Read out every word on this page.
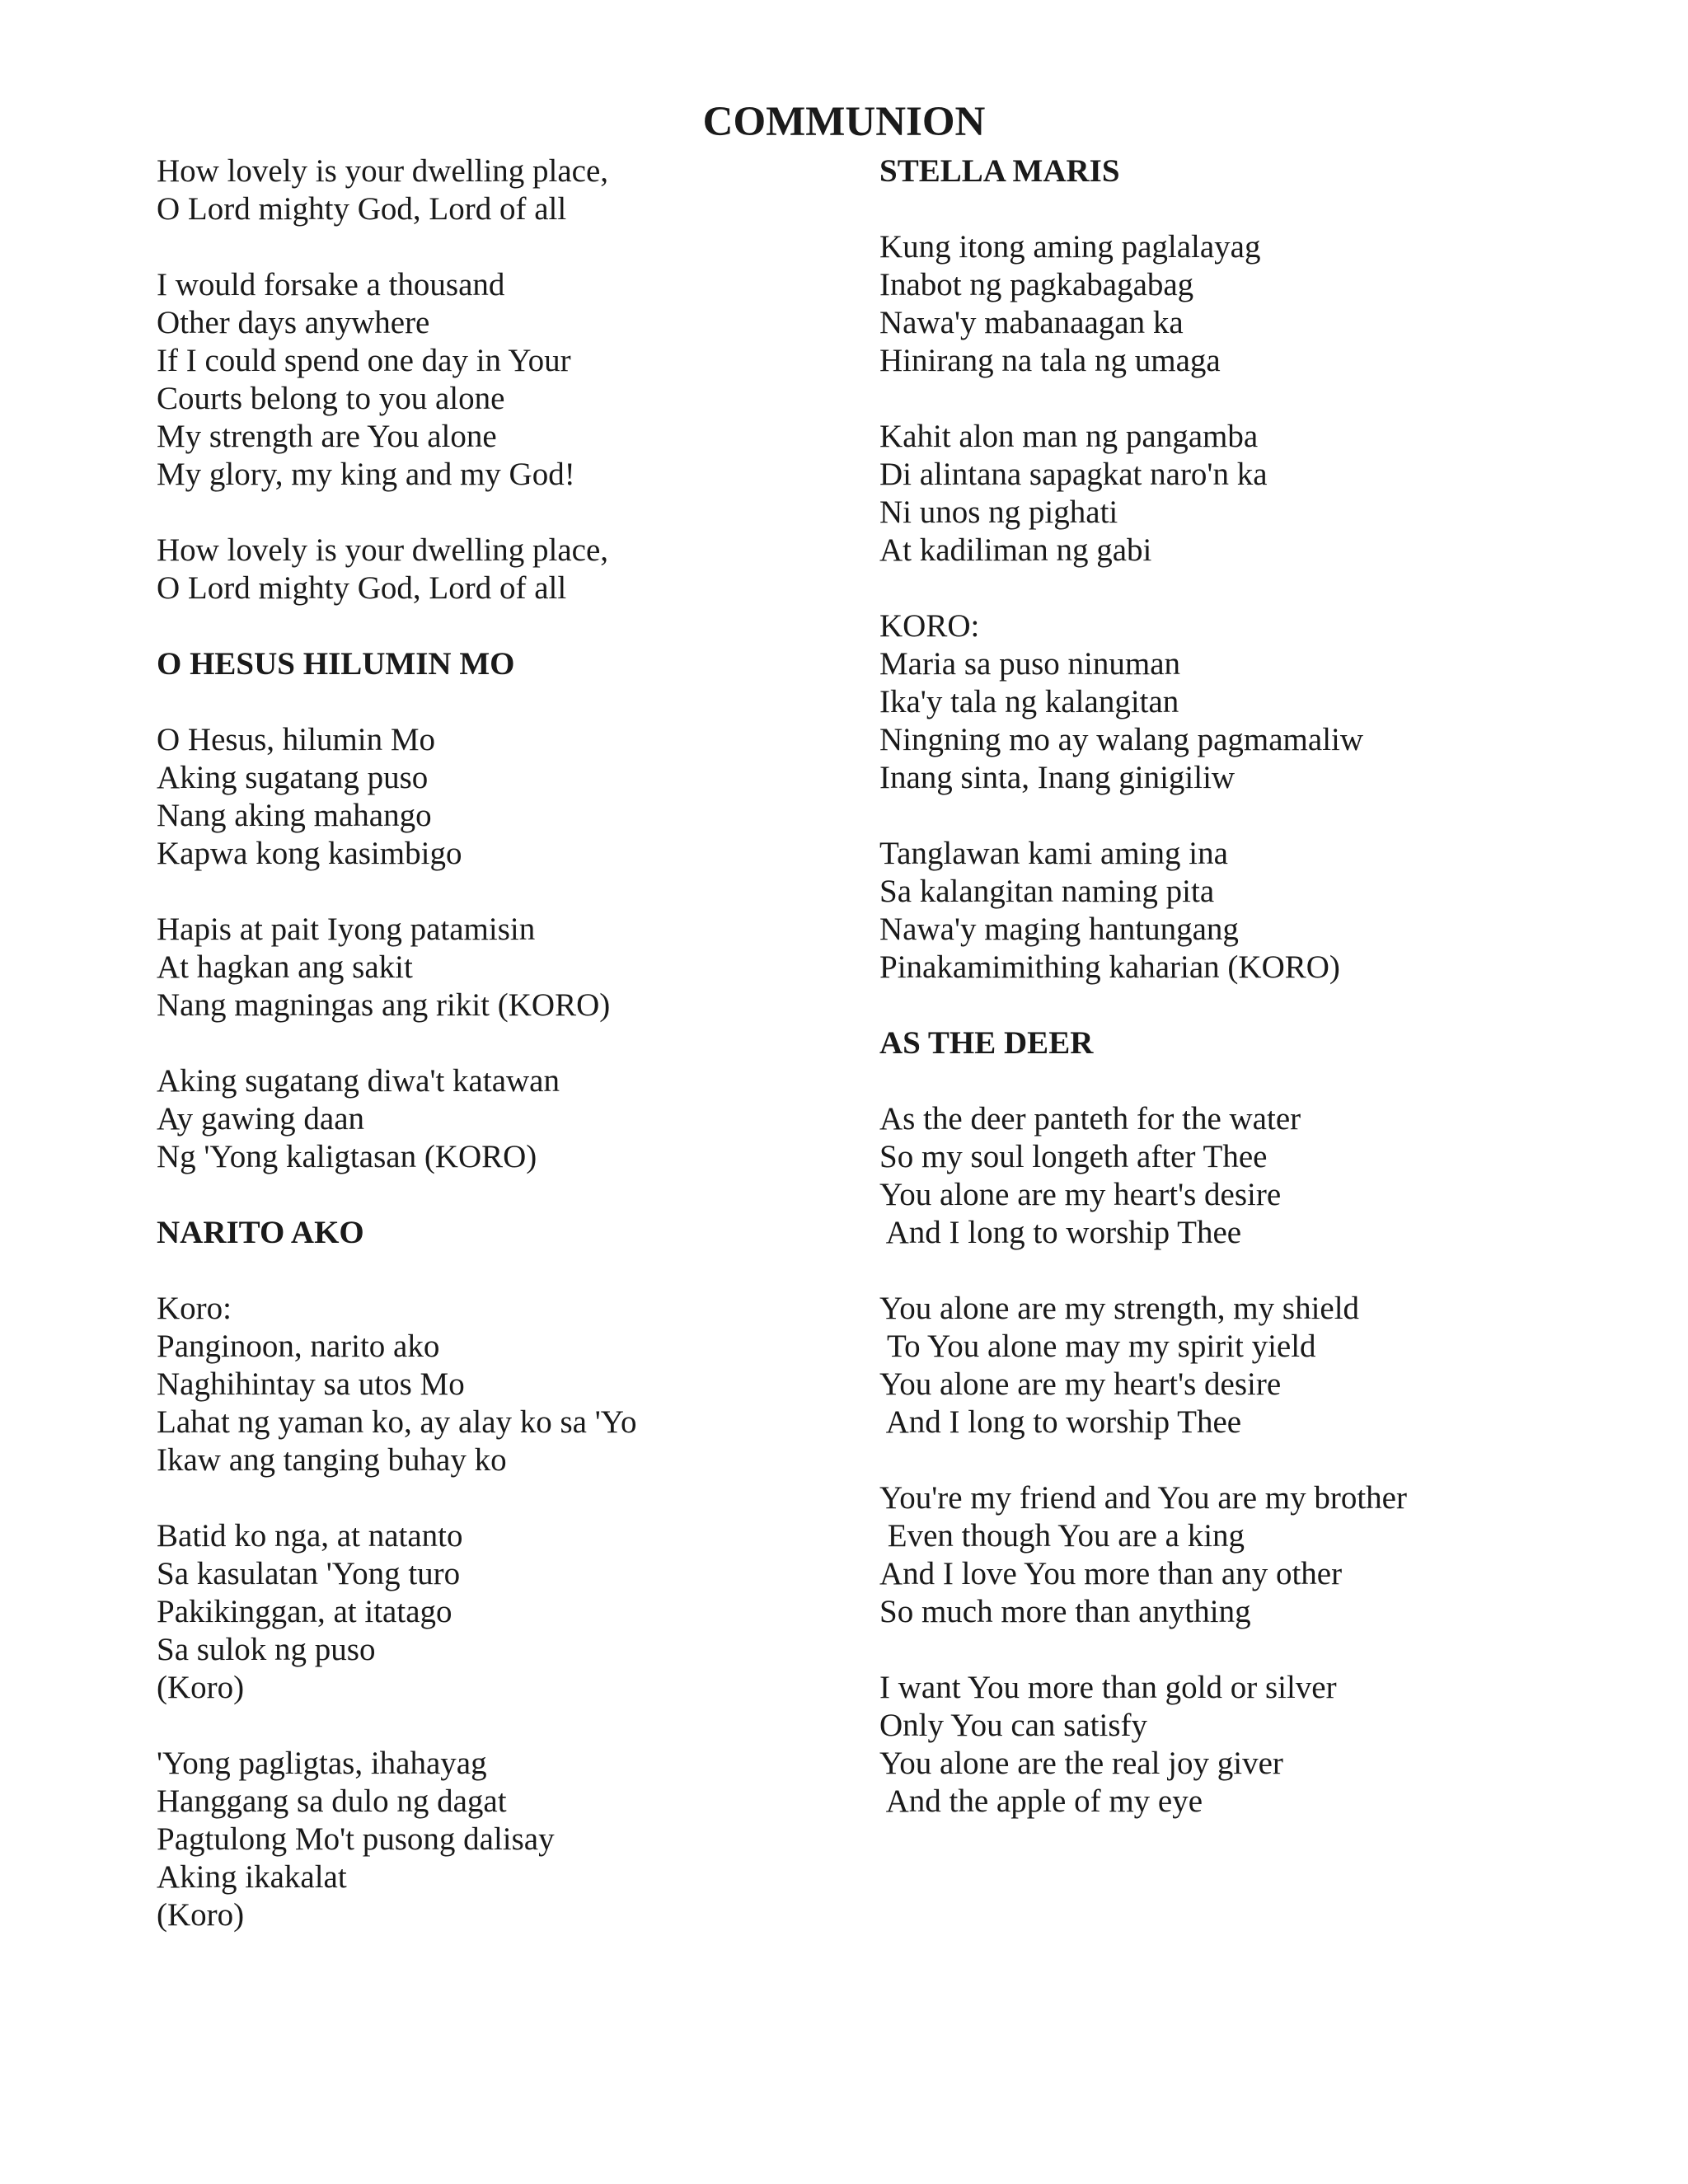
COMMUNION
How lovely is your dwelling place,
O Lord mighty God, Lord of all
I would forsake a thousand
Other days anywhere
If I could spend one day in Your
Courts belong to you alone
My strength are You alone
My glory, my king and my God!
How lovely is your dwelling place,
O Lord mighty God, Lord of all
O HESUS HILUMIN MO
O Hesus, hilumin Mo
Aking sugatang puso
Nang aking mahango
Kapwa kong kasimbigo
Hapis at pait Iyong patamisin
At hagkan ang sakit
Nang magningas ang rikit (KORO)
Aking sugatang diwa't katawan
Ay gawing daan
Ng 'Yong kaligtasan (KORO)
NARITO AKO
Koro:
Panginoon, narito ako
Naghihintay sa utos Mo
Lahat ng yaman ko, ay alay ko sa 'Yo
Ikaw ang tanging buhay ko
Batid ko nga, at natanto
Sa kasulatan 'Yong turo
Pakikinggan, at itatago
Sa sulok ng puso
(Koro)
'Yong pagligtas, ihahayag
Hanggang sa dulo ng dagat
Pagtulong Mo't pusong dalisay
Aking ikakalat
(Koro)
STELLA MARIS
Kung itong aming paglalayag
Inabot ng pagkabagabag
Nawa'y mabanaagan ka
Hinirang na tala ng umaga
Kahit alon man ng pangamba
Di alintana sapagkat naro'n ka
Ni unos ng pighati
At kadiliman ng gabi
KORO:
Maria sa puso ninuman
Ika'y tala ng kalangitan
Ningning mo ay walang pagmamaliw
Inang sinta, Inang ginigiliw
Tanglawan kami aming ina
Sa kalangitan naming pita
Nawa'y maging hantungang
Pinakamimithing kaharian (KORO)
AS THE DEER
As the deer panteth for the water
So my soul longeth after Thee
You alone are my heart's desire
And I long to worship Thee
You alone are my strength, my shield
To You alone may my spirit yield
You alone are my heart's desire
And I long to worship Thee
You're my friend and You are my brother
Even though You are a king
And I love You more than any other
So much more than anything
I want You more than gold or silver
Only You can satisfy
You alone are the real joy giver
And the apple of my eye
